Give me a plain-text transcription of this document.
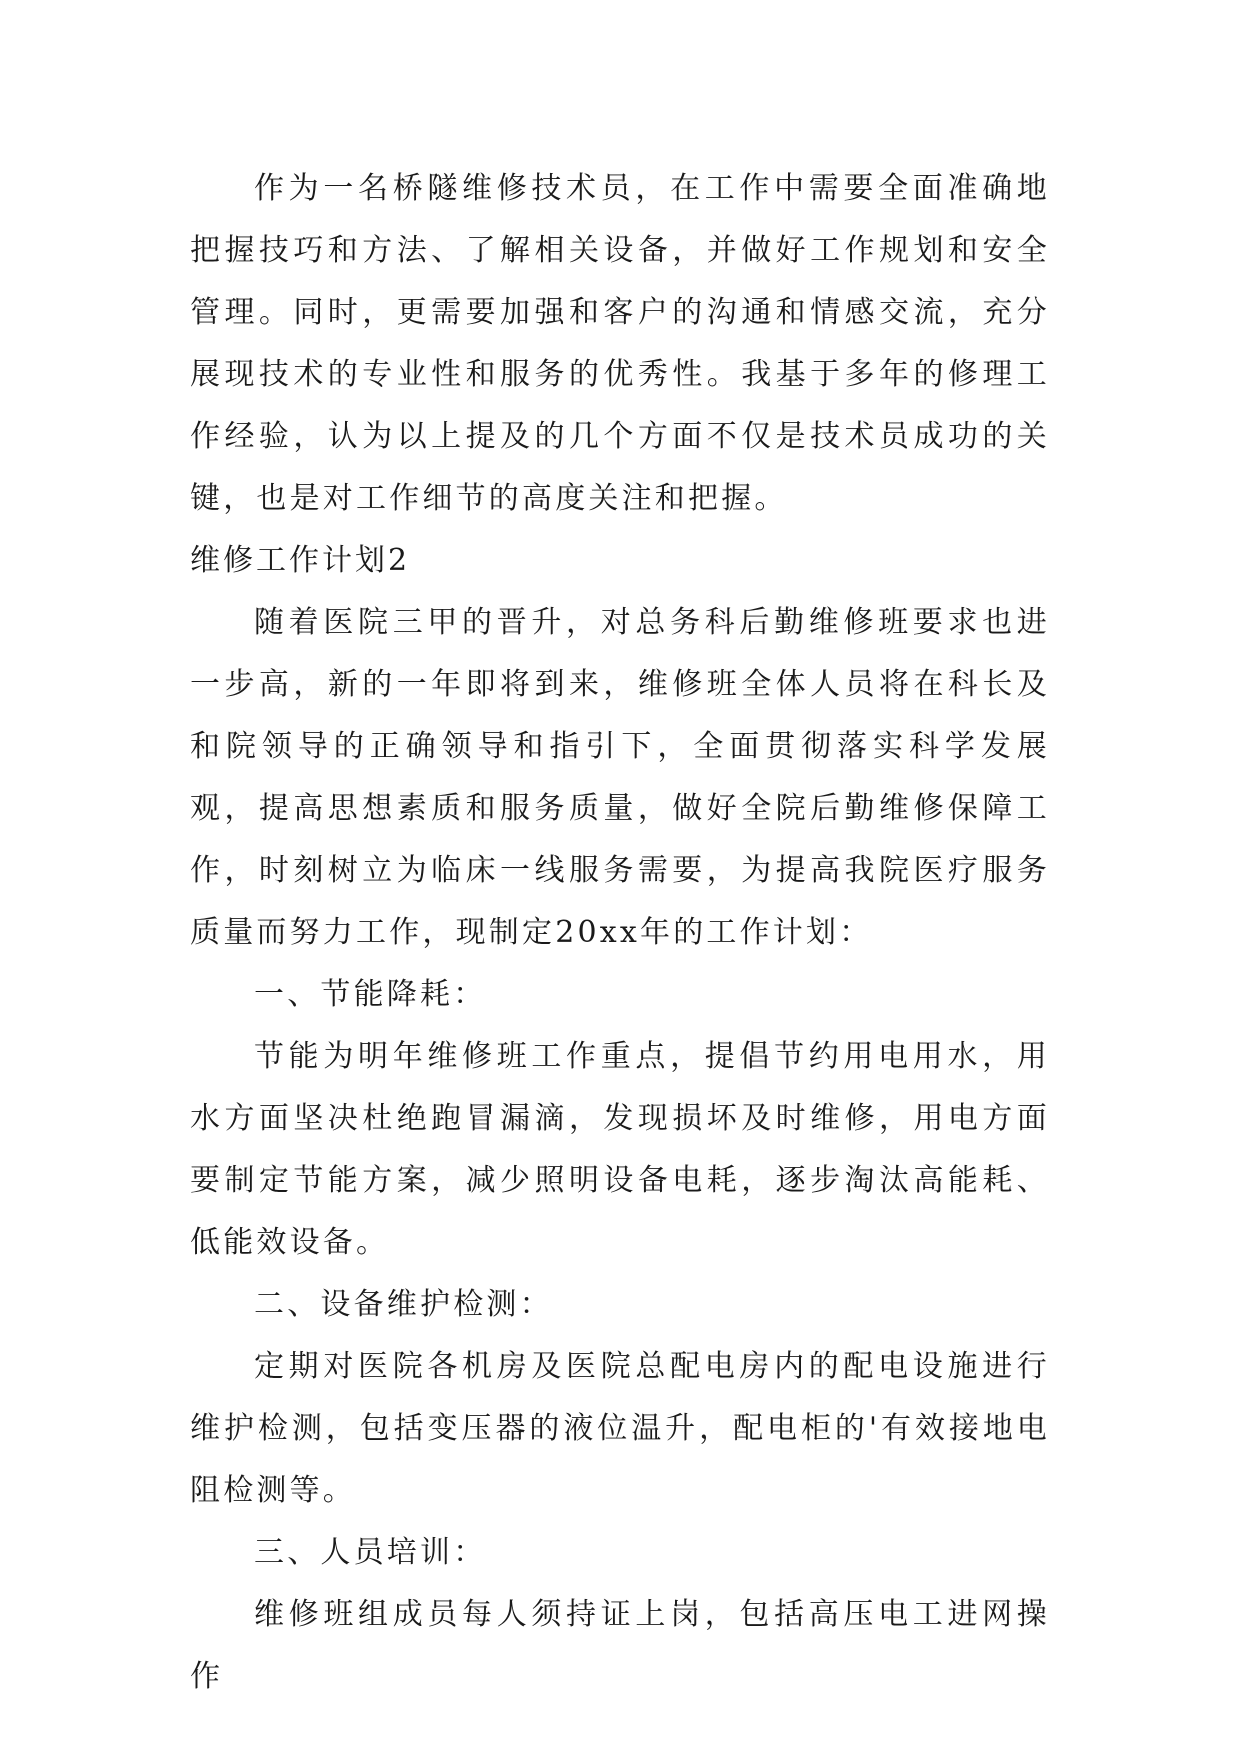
作为一名桥隧维修技术员，在工作中需要全面准确地把握技巧和方法、了解相关设备，并做好工作规划和安全管理。同时，更需要加强和客户的沟通和情感交流，充分展现技术的专业性和服务的优秀性。我基于多年的修理工作经验，认为以上提及的几个方面不仅是技术员成功的关键，也是对工作细节的高度关注和把握。

维修工作计划2

随着医院三甲的晋升，对总务科后勤维修班要求也进一步高，新的一年即将到来，维修班全体人员将在科长及和院领导的正确领导和指引下，全面贯彻落实科学发展观，提高思想素质和服务质量，做好全院后勤维修保障工作，时刻树立为临床一线服务需要，为提高我院医疗服务质量而努力工作，现制定20xx年的工作计划：

一、节能降耗：

节能为明年维修班工作重点，提倡节约用电用水，用水方面坚决杜绝跑冒漏滴，发现损坏及时维修，用电方面要制定节能方案，减少照明设备电耗，逐步淘汰高能耗、低能效设备。

二、设备维护检测：

定期对医院各机房及医院总配电房内的配电设施进行维护检测，包括变压器的液位温升，配电柜的'有效接地电阻检测等。

三、人员培训：

维修班组成员每人须持证上岗，包括高压电工进网操作
